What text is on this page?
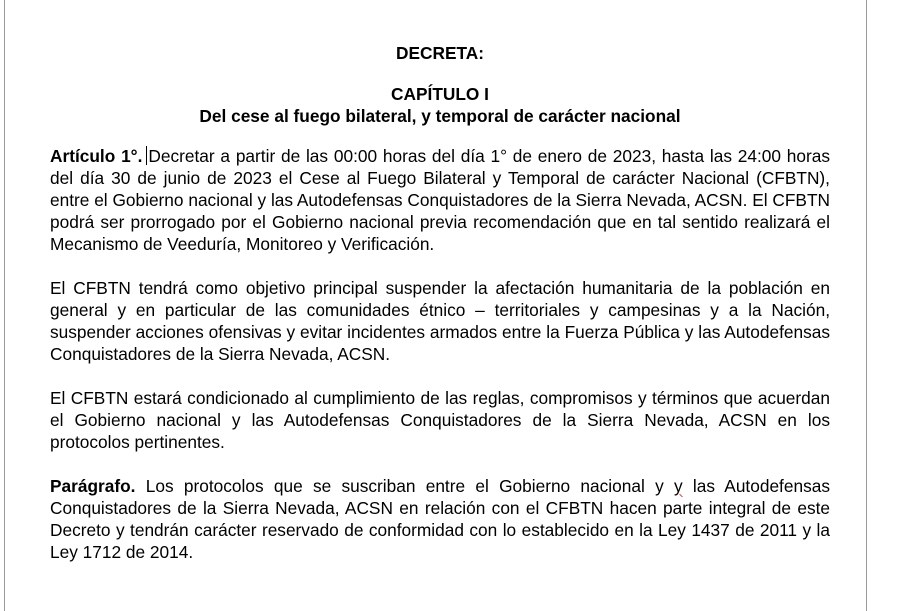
DECRETA:
CAPÍTULO I
Del cese al fuego bilateral, y temporal de carácter nacional

Artículo 1°. Decretar a partir de las 00:00 horas del día 1° de enero de 2023, hasta las 24:00 horas del día 30 de junio de 2023 el Cese al Fuego Bilateral y Temporal de carácter Nacional (CFBTN), entre el Gobierno nacional y las Autodefensas Conquistadores de la Sierra Nevada, ACSN. El CFBTN podrá ser prorrogado por el Gobierno nacional previa recomendación que en tal sentido realizará el Mecanismo de Veeduría, Monitoreo y Verificación.

El CFBTN tendrá como objetivo principal suspender la afectación humanitaria de la población en general y en particular de las comunidades étnico – territoriales y campesinas y a la Nación, suspender acciones ofensivas y evitar incidentes armados entre la Fuerza Pública y las Autodefensas Conquistadores de la Sierra Nevada, ACSN.

El CFBTN estará condicionado al cumplimiento de las reglas, compromisos y términos que acuerdan el Gobierno nacional y las Autodefensas Conquistadores de la Sierra Nevada, ACSN en los protocolos pertinentes.

Parágrafo. Los protocolos que se suscriban entre el Gobierno nacional y y las Autodefensas Conquistadores de la Sierra Nevada, ACSN en relación con el CFBTN hacen parte integral de este Decreto y tendrán carácter reservado de conformidad con lo establecido en la Ley 1437 de 2011 y la Ley 1712 de 2014.
